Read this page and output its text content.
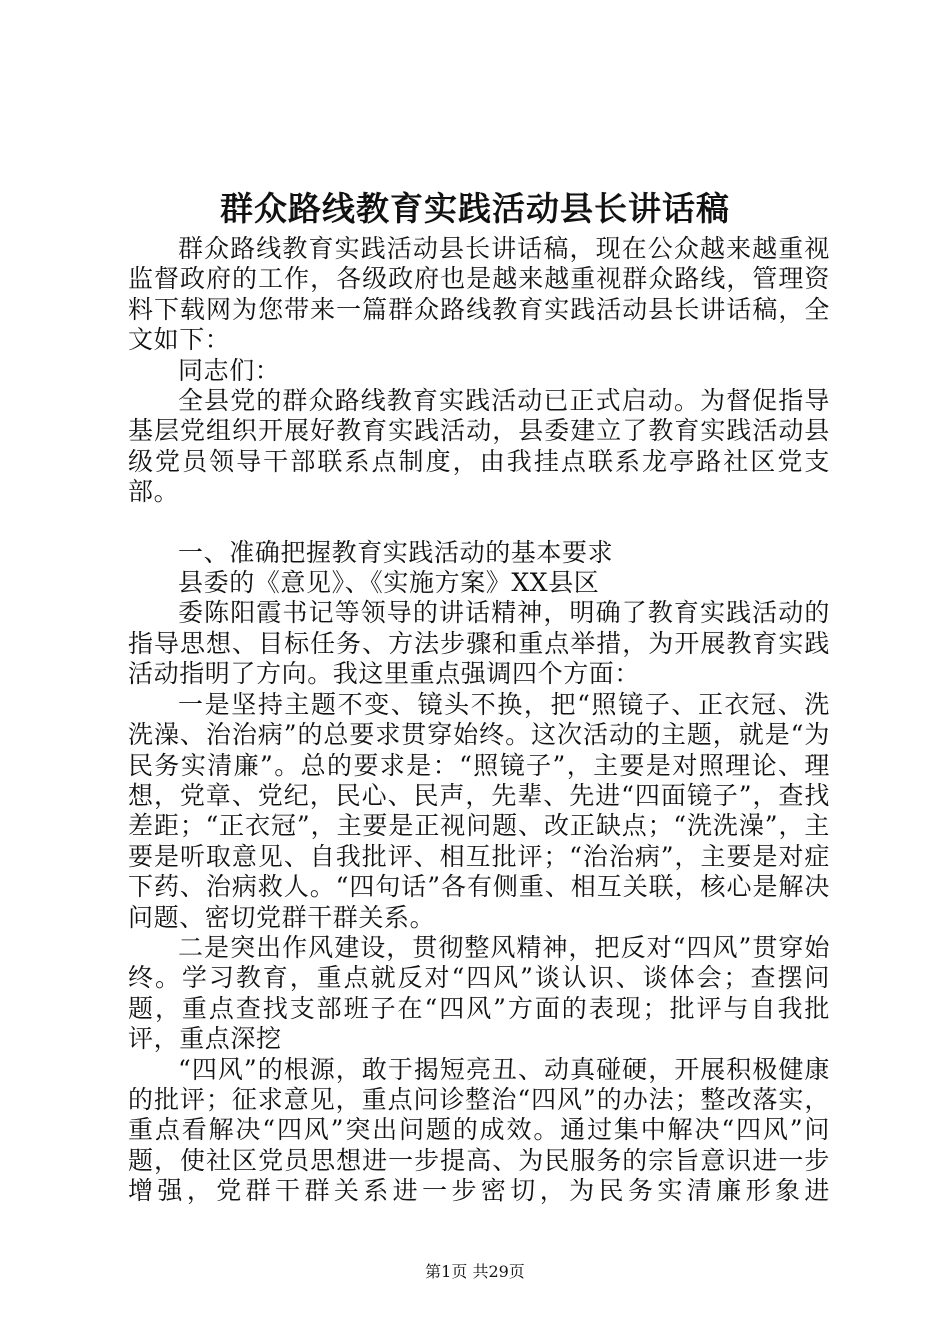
群众路线教育实践活动县长讲话稿

群众路线教育实践活动县长讲话稿，现在公众越来越重视监督政府的工作，各级政府也是越来越重视群众路线，管理资料下载网为您带来一篇群众路线教育实践活动县长讲话稿，全文如下：

同志们：

全县党的群众路线教育实践活动已正式启动。为督促指导基层党组织开展好教育实践活动，县委建立了教育实践活动县级党员领导干部联系点制度，由我挂点联系龙亭路社区党支部。

一、准确把握教育实践活动的基本要求

县委的《意见》、《实施方案》XX县区

委陈阳霞书记等领导的讲话精神，明确了教育实践活动的指导思想、目标任务、方法步骤和重点举措，为开展教育实践活动指明了方向。我这里重点强调四个方面：

一是坚持主题不变、镜头不换，把“照镜子、正衣冠、洗洗澡、治治病”的总要求贯穿始终。这次活动的主题，就是“为民务实清廉”。总的要求是：“照镜子”，主要是对照理论、理想，党章、党纪，民心、民声，先辈、先进“四面镜子”，查找差距；“正衣冠”，主要是正视问题、改正缺点；“洗洗澡”，主要是听取意见、自我批评、相互批评；“治治病”，主要是对症下药、治病救人。“四句话”各有侧重、相互关联，核心是解决问题、密切党群干群关系。

二是突出作风建设，贯彻整风精神，把反对“四风”贯穿始终。学习教育，重点就反对“四风”谈认识、谈体会；查摆问题，重点查找支部班子在“四风”方面的表现；批评与自我批评，重点深挖

“四风”的根源，敢于揭短亮丑、动真碰硬，开展积极健康的批评；征求意见，重点问诊整治“四风”的办法；整改落实，重点看解决“四风”突出问题的成效。通过集中解决“四风”问题，使社区党员思想进一步提高、为民服务的宗旨意识进一步增强，党群干群关系进一步密切，为民务实清廉形象进

第1页 共29页
